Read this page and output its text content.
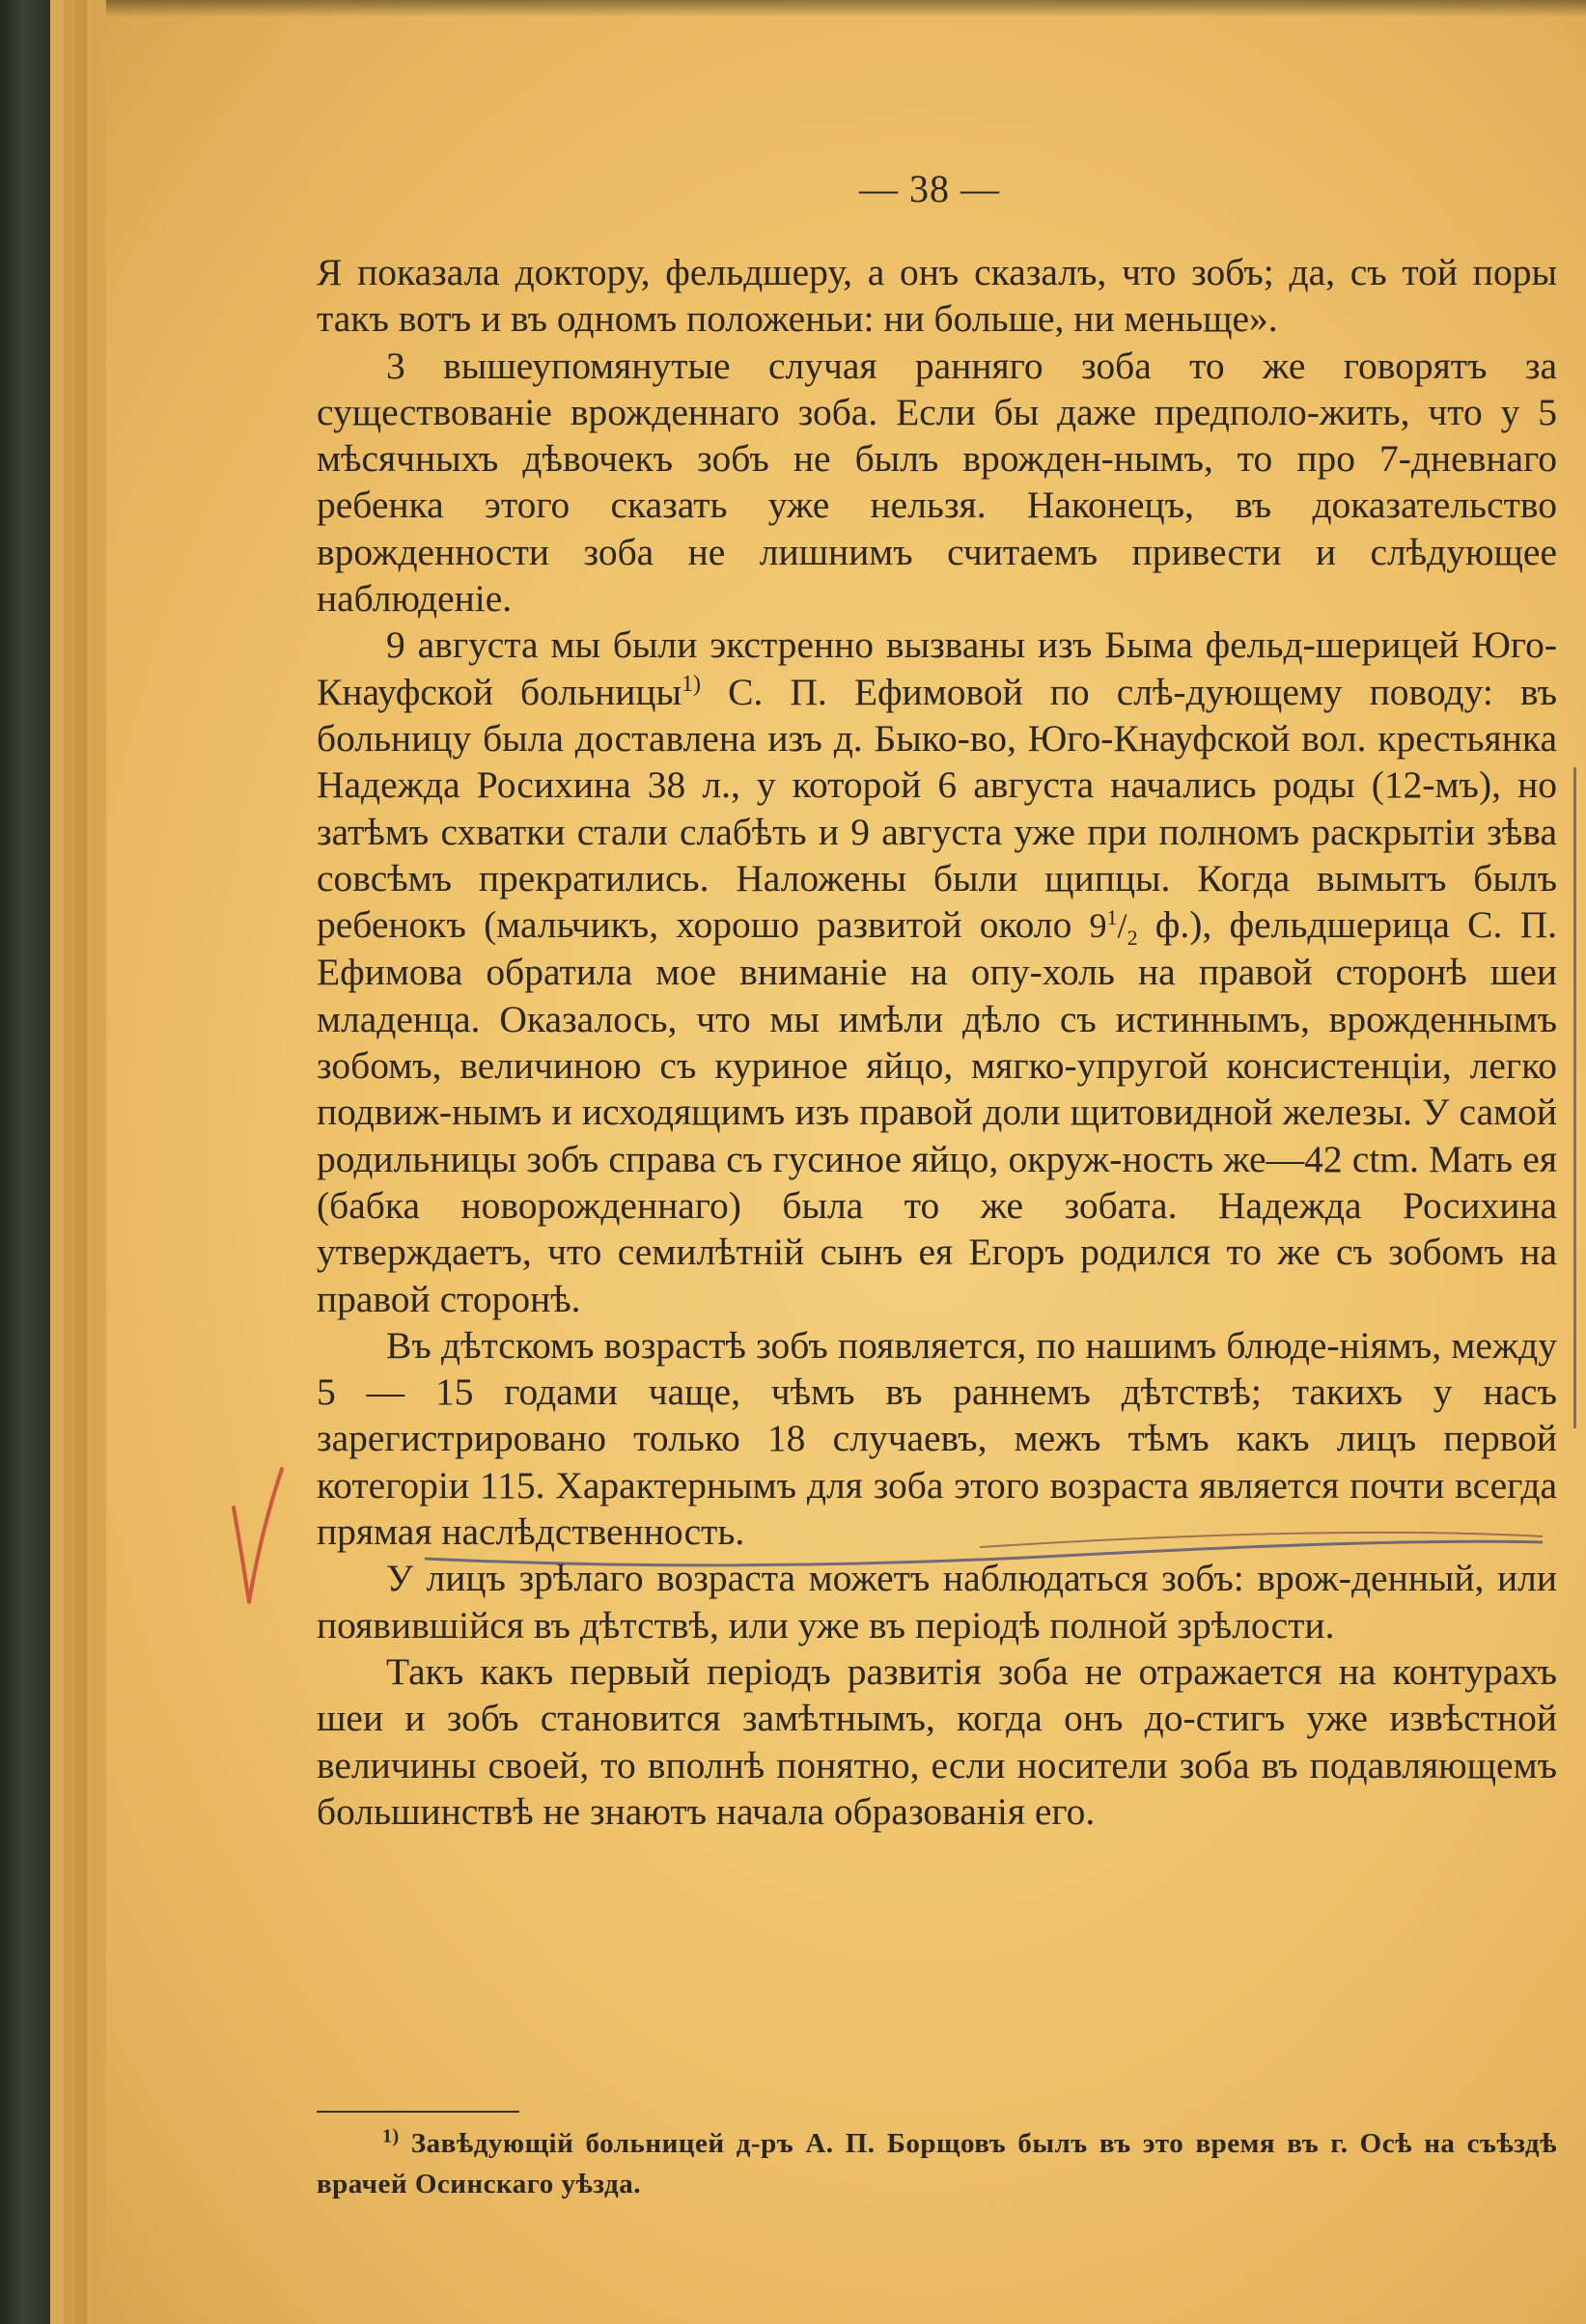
— 38 —

Я показала доктору, фельдшеру, а онъ сказалъ, что зобъ; да, съ той поры такъ вотъ и въ одномъ положеньи: ни больше, ни меньще».

3 вышеупомянутые случая ранняго зоба то же говорятъ за существованіе врожденнаго зоба. Если бы даже предполо-жить, что у 5 мѣсячныхъ дѣвочекъ зобъ не былъ врожден-нымъ, то про 7-дневнаго ребенка этого сказать уже нельзя. Наконецъ, въ доказательство врожденности зоба не лишнимъ считаемъ привести и слѣдующее наблюденіе.

9 августа мы были экстренно вызваны изъ Быма фельд-шерицей Юго-Кнауфской больницы$^{1)}$ С. П. Ефимовой по слѣ-дующему поводу: въ больницу была доставлена изъ д. Быко-во, Юго-Кнауфской вол. крестьянка Надежда Росихина 38 л., у которой 6 августа начались роды (12-мъ), но затѣмъ схватки стали слабѣть и 9 августа уже при полномъ раскрытіи зѣва совсѣмъ прекратились. Наложены были щипцы. Когда вымытъ былъ ребенокъ (мальчикъ, хорошо развитой около $9^1/_2$ ф.), фельдшерица С. П. Ефимова обратила мое вниманіе на опу-холь на правой сторонѣ шеи младенца. Оказалось, что мы имѣли дѣло съ истиннымъ, врожденнымъ зобомъ, величиною съ куриное яйцо, мягко-упругой консистенціи, легко подвиж-нымъ и исходящимъ изъ правой доли щитовидной железы. У самой родильницы зобъ справа съ гусиное яйцо, окруж-ность же—42 ctm. Мать ея (бабка новорожденнаго) была то же зобата. Надежда Росихина утверждаетъ, что семилѣтній сынъ ея Егоръ родился то же съ зобомъ на правой сторонѣ.

Въ дѣтскомъ возрастѣ зобъ появляется, по нашимъ блюде-ніямъ, между 5 — 15 годами чаще, чѣмъ въ раннемъ дѣтствѣ; такихъ у насъ зарегистрировано только 18 случаевъ, межъ тѣмъ какъ лицъ первой котегоріи 115. Характернымъ для зоба этого возраста является почти всегда прямая наслѣдственность.

У лицъ зрѣлаго возраста можетъ наблюдаться зобъ: врож-денный, или появившійся въ дѣтствѣ, или уже въ періодѣ полной зрѣлости.

Такъ какъ первый періодъ развитія зоба не отражается на контурахъ шеи и зобъ становится замѣтнымъ, когда онъ до-стигъ уже извѣстной величины своей, то вполнѣ понятно, если носители зоба въ подавляющемъ большинствѣ не знаютъ начала образованія его.

$^{1)}$ Завѣдующій больницей д-ръ А. П. Борщовъ былъ въ это время въ г. Осѣ на съѣздѣ врачей Осинскаго уѣзда.
